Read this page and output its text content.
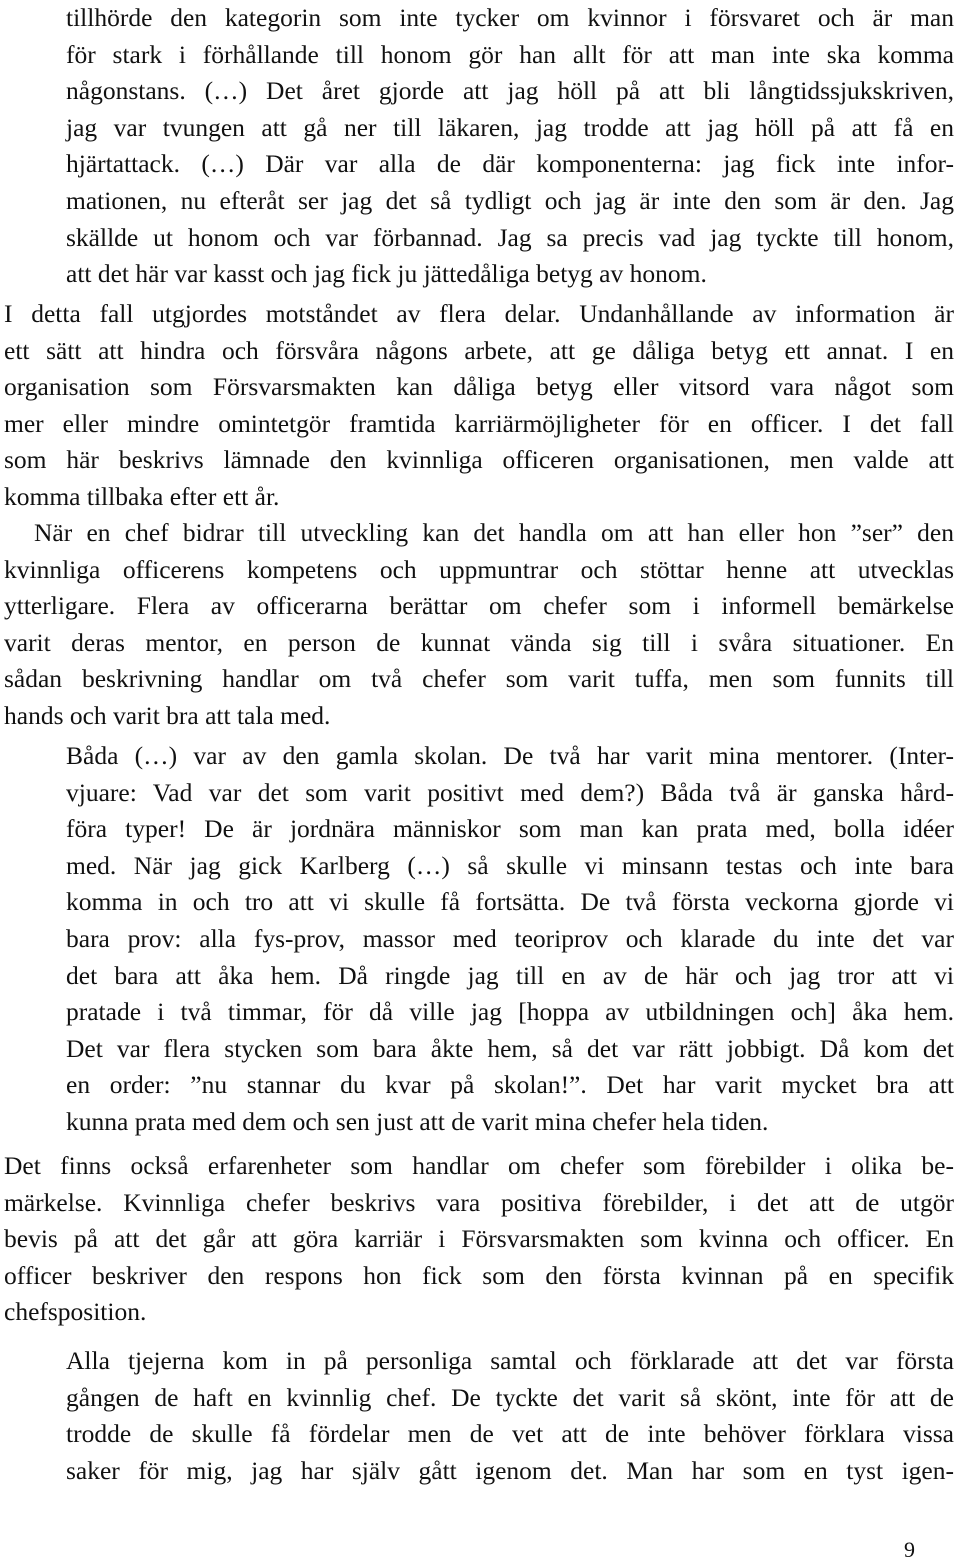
tillhörde den kategorin som inte tycker om kvinnor i försvaret och är man
för stark i förhållande till honom gör han allt för att man inte ska komma
någonstans. (…) Det året gjorde att jag höll på att bli långtidssjukskriven,
jag var tvungen att gå ner till läkaren, jag trodde att jag höll på att få en
hjärtattack. (…) Där var alla de där komponenterna: jag fick inte infor-
mationen, nu efteråt ser jag det så tydligt och jag är inte den som är den. Jag
skällde ut honom och var förbannad. Jag sa precis vad jag tyckte till honom,
att det här var kasst och jag fick ju jättedåliga betyg av honom.
I detta fall utgjordes motståndet av flera delar. Undanhållande av information är
ett sätt att hindra och försvåra någons arbete, att ge dåliga betyg ett annat. I en
organisation som Försvarsmakten kan dåliga betyg eller vitsord vara något som
mer eller mindre omintetgör framtida karriärmöjligheter för en officer. I det fall
som här beskrivs lämnade den kvinnliga officeren organisationen, men valde att
komma tillbaka efter ett år.
När en chef bidrar till utveckling kan det handla om att han eller hon ”ser” den
kvinnliga officerens kompetens och uppmuntrar och stöttar henne att utvecklas
ytterligare. Flera av officerarna berättar om chefer som i informell bemärkelse
varit deras mentor, en person de kunnat vända sig till i svåra situationer. En
sådan beskrivning handlar om två chefer som varit tuffa, men som funnits till
hands och varit bra att tala med.
Båda (…) var av den gamla skolan. De två har varit mina mentorer. (Inter-
vjuare: Vad var det som varit positivt med dem?) Båda två är ganska hård-
föra typer! De är jordnära människor som man kan prata med, bolla idéer
med. När jag gick Karlberg (…) så skulle vi minsann testas och inte bara
komma in och tro att vi skulle få fortsätta. De två första veckorna gjorde vi
bara prov: alla fys-prov, massor med teoriprov och klarade du inte det var
det bara att åka hem. Då ringde jag till en av de här och jag tror att vi
pratade i två timmar, för då ville jag [hoppa av utbildningen och] åka hem.
Det var flera stycken som bara åkte hem, så det var rätt jobbigt. Då kom det
en order: ”nu stannar du kvar på skolan!”. Det har varit mycket bra att
kunna prata med dem och sen just att de varit mina chefer hela tiden.
Det finns också erfarenheter som handlar om chefer som förebilder i olika be-
märkelse. Kvinnliga chefer beskrivs vara positiva förebilder, i det att de utgör
bevis på att det går att göra karriär i Försvarsmakten som kvinna och officer. En
officer beskriver den respons hon fick som den första kvinnan på en specifik
chefsposition.
Alla tjejerna kom in på personliga samtal och förklarade att det var första
gången de haft en kvinnlig chef. De tyckte det varit så skönt, inte för att de
trodde de skulle få fördelar men de vet att de inte behöver förklara vissa
saker för mig, jag har själv gått igenom det. Man har som en tyst igen-
9
